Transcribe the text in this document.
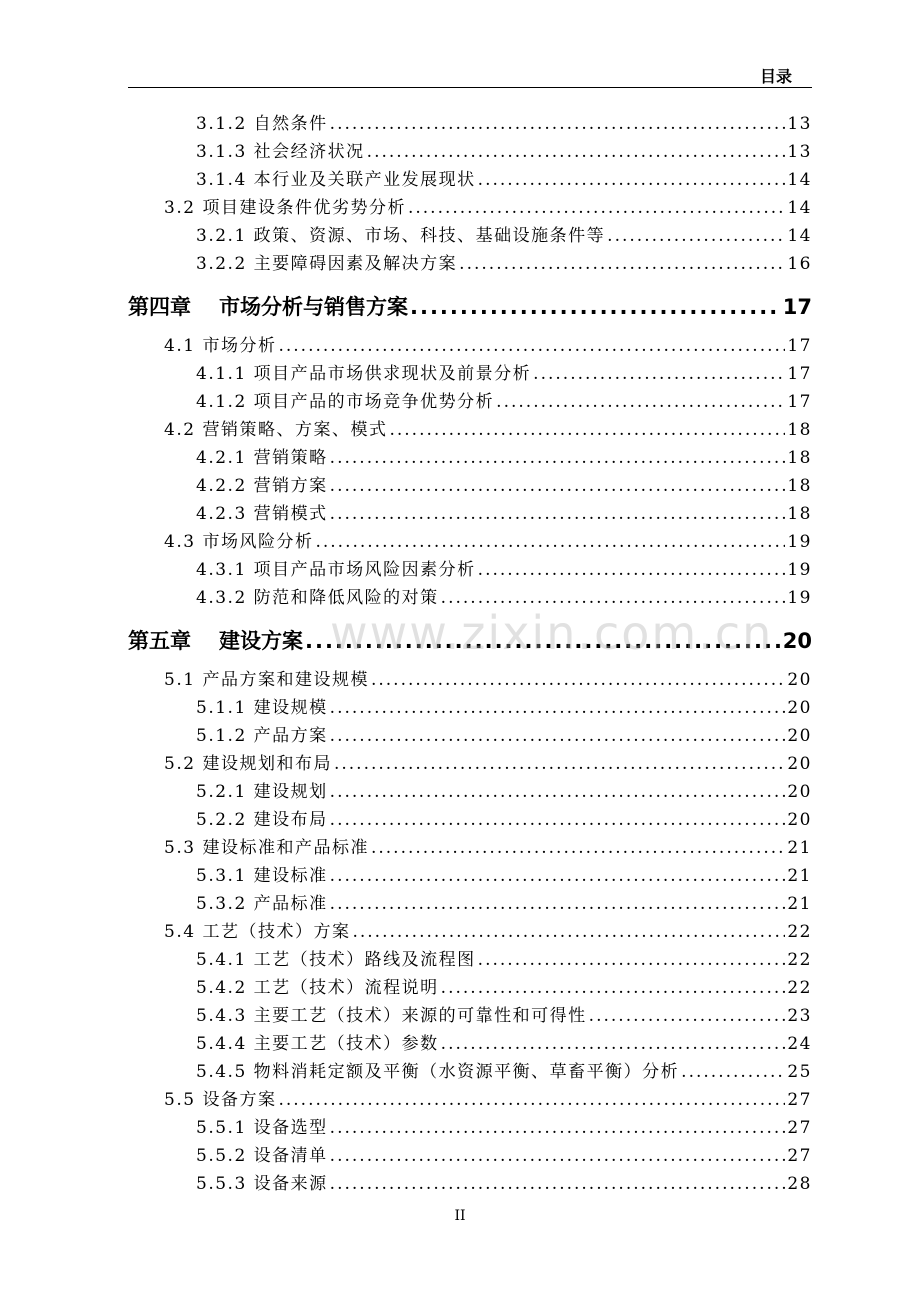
目录
3.1.2 自然条件 .....	13
3.1.3 社会经济状况 .....	13
3.1.4 本行业及关联产业发展现状 .....	14
3.2 项目建设条件优劣势分析 .....	14
3.2.1 政策、资源、市场、科技、基础设施条件等 .....	14
3.2.2 主要障碍因素及解决方案 .....	16
第四章 市场分析与销售方案 .....	17
4.1 市场分析 .....	17
4.1.1 项目产品市场供求现状及前景分析 .....	17
4.1.2 项目产品的市场竞争优势分析 .....	17
4.2 营销策略、方案、模式 .....	18
4.2.1 营销策略 .....	18
4.2.2 营销方案 .....	18
4.2.3 营销模式 .....	18
4.3 市场风险分析 .....	19
4.3.1 项目产品市场风险因素分析 .....	19
4.3.2 防范和降低风险的对策 .....	19
第五章 建设方案 .....	20
5.1 产品方案和建设规模 .....	20
5.1.1 建设规模 .....	20
5.1.2 产品方案 .....	20
5.2 建设规划和布局 .....	20
5.2.1 建设规划 .....	20
5.2.2 建设布局 .....	20
5.3 建设标准和产品标准 .....	21
5.3.1 建设标准 .....	21
5.3.2 产品标准 .....	21
5.4 工艺（技术）方案 .....	22
5.4.1 工艺（技术）路线及流程图 .....	22
5.4.2 工艺（技术）流程说明 .....	22
5.4.3 主要工艺（技术）来源的可靠性和可得性 .....	23
5.4.4 主要工艺（技术）参数 .....	24
5.4.5 物料消耗定额及平衡（水资源平衡、草畜平衡）分析 .....	25
5.5 设备方案 .....	27
5.5.1 设备选型 .....	27
5.5.2 设备清单 .....	27
5.5.3 设备来源 .....	28
www.zixin.com.cn
II
